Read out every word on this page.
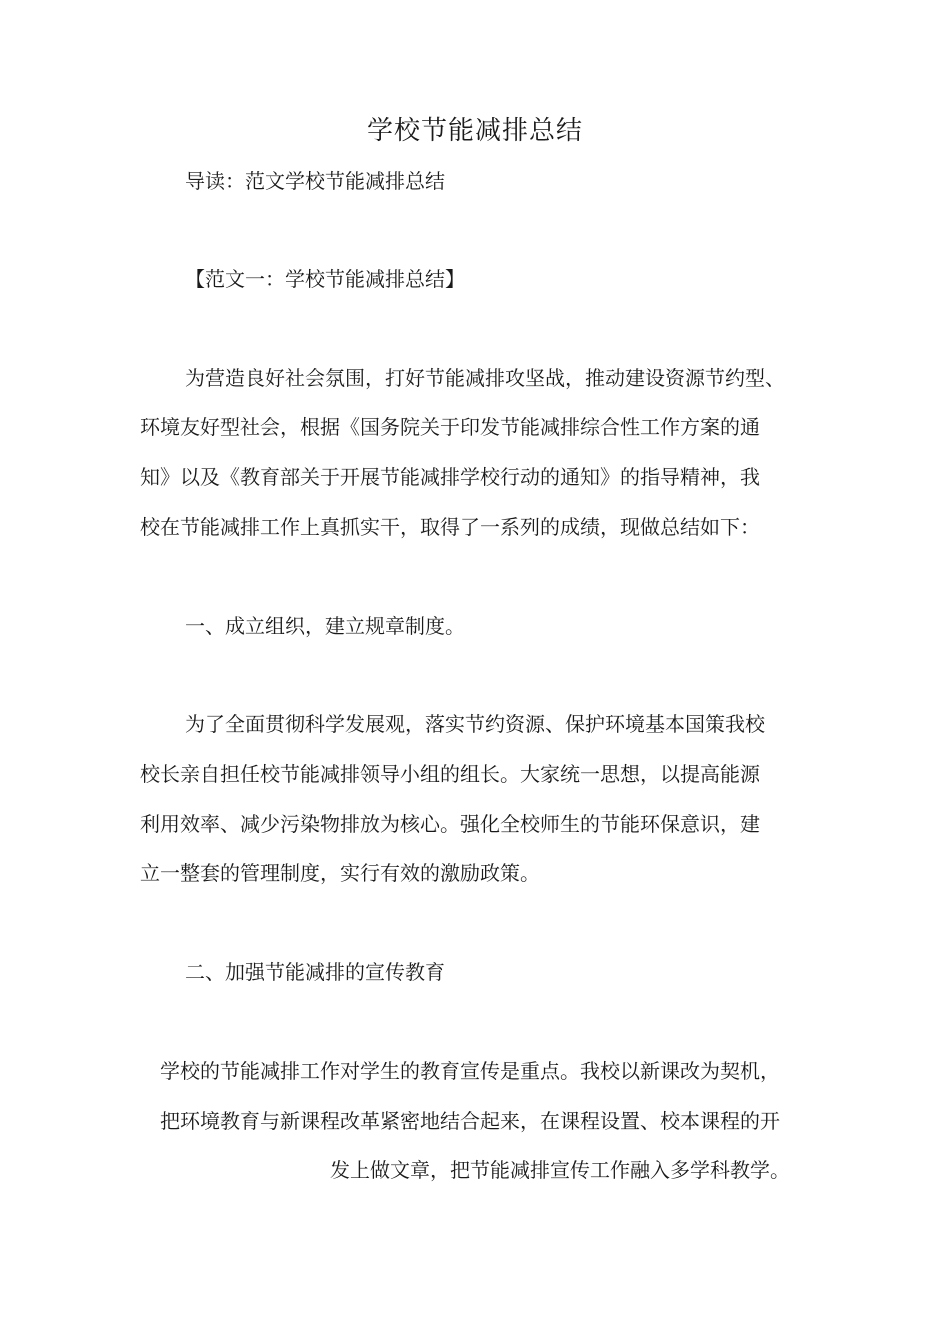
学校节能减排总结
导读：范文学校节能减排总结
【范文一：学校节能减排总结】
为营造良好社会氛围，打好节能减排攻坚战，推动建设资源节约型、
环境友好型社会，根据《国务院关于印发节能减排综合性工作方案的通
知》以及《教育部关于开展节能减排学校行动的通知》的指导精神，我
校在节能减排工作上真抓实干，取得了一系列的成绩，现做总结如下：
一、成立组织，建立规章制度。
为了全面贯彻科学发展观，落实节约资源、保护环境基本国策我校
校长亲自担任校节能减排领导小组的组长。大家统一思想，以提高能源
利用效率、减少污染物排放为核心。强化全校师生的节能环保意识，建
立一整套的管理制度，实行有效的激励政策。
二、加强节能减排的宣传教育
学校的节能减排工作对学生的教育宣传是重点。我校以新课改为契机，
把环境教育与新课程改革紧密地结合起来，在课程设置、校本课程的开
发上做文章，把节能减排宣传工作融入多学科教学。
